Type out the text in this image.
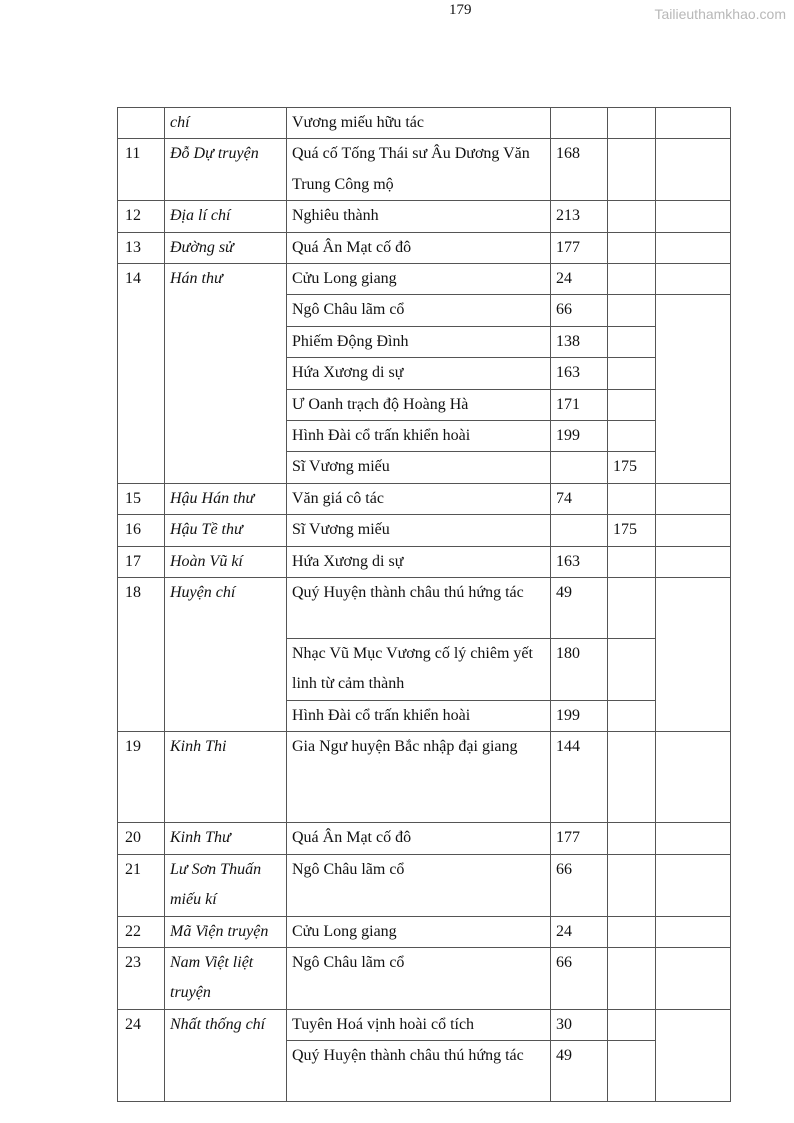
179	Tailieuthamkhao.com
	chí	Vương miếu hữu tác			
11	Đỗ Dự truyện	Quá cố Tống Thái sư Âu Dương Văn Trung Công mộ	168		
12	Địa lí chí	Nghiêu thành	213		
13	Đường sử	Quá Ân Mạt cố đô	177		
14	Hán thư	Cửu Long giang	24		
		Ngô Châu lãm cổ	66		
		Phiếm Động Đình	138		
		Hứa Xương di sự	163		
		Ư Oanh trạch độ Hoàng Hà	171		
		Hình Đài cổ trấn khiển hoài	199		
		Sĩ Vương miếu		175	
15	Hậu Hán thư	Văn giá cô tác	74		
16	Hậu Tề thư	Sĩ Vương miếu		175	
17	Hoàn Vũ kí	Hứa Xương di sự	163		
18	Huyện chí	Quý Huyện thành châu thú hứng tác	49		
		Nhạc Vũ Mục Vương cố lý chiêm yết linh từ cảm thành	180		
		Hình Đài cổ trấn khiển hoài	199		
19	Kinh Thi	Gia Ngư huyện Bắc nhập đại giang	144		
20	Kinh Thư	Quá Ân Mạt cố đô	177		
21	Lư Sơn Thuấn miếu kí	Ngô Châu lãm cổ	66		
22	Mã Viện truyện	Cửu Long giang	24		
23	Nam Việt liệt truyện	Ngô Châu lãm cổ	66		
24	Nhất thống chí	Tuyên Hoá vịnh hoài cổ tích	30		
		Quý Huyện thành châu thú hứng tác	49		
